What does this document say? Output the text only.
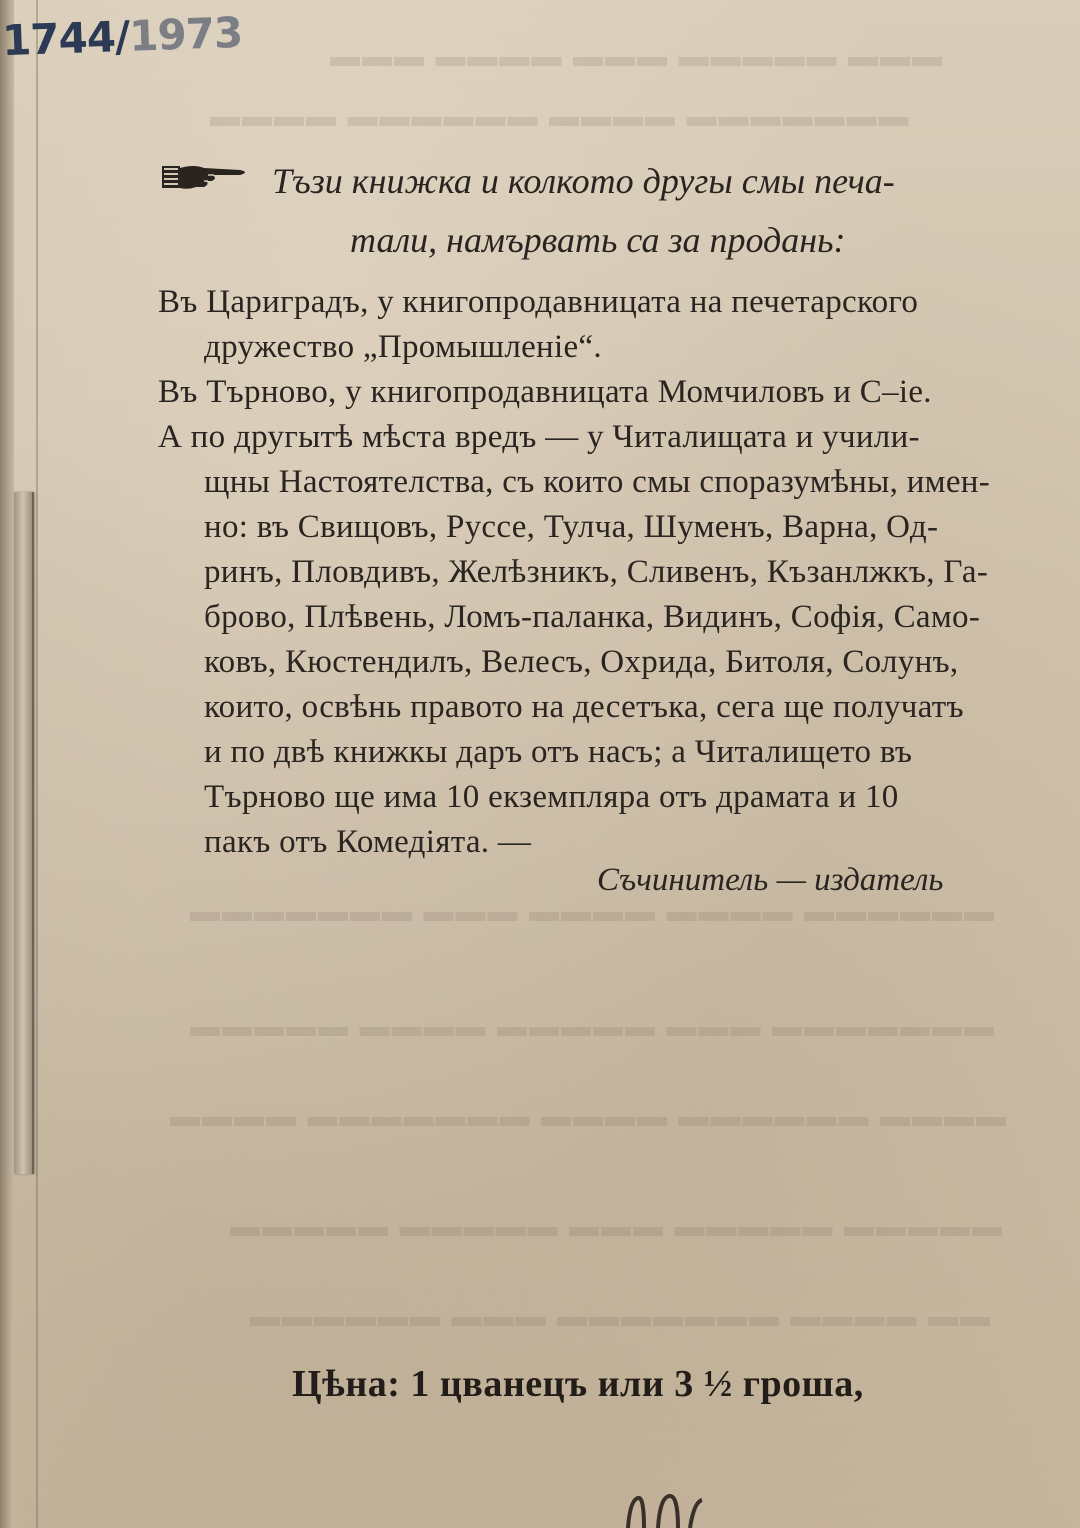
▬▬▬ ▬▬▬▬ ▬▬▬ ▬▬▬▬▬ ▬▬▬
▬▬▬▬ ▬▬▬▬▬▬ ▬▬▬▬ ▬▬▬▬▬▬▬
▬▬▬▬▬▬▬ ▬▬▬ ▬▬▬▬ ▬▬▬▬ ▬▬▬▬▬▬
▬▬▬▬▬ ▬▬▬▬ ▬▬▬▬▬ ▬▬▬ ▬▬▬▬▬▬▬
▬▬▬▬ ▬▬▬▬▬▬▬ ▬▬▬▬ ▬▬▬▬▬▬ ▬▬▬▬
▬▬▬▬▬ ▬▬▬▬▬ ▬▬▬ ▬▬▬▬▬ ▬▬▬▬▬
▬▬▬▬▬▬ ▬▬▬ ▬▬▬▬▬▬▬ ▬▬▬▬ ▬▬
1744/1973
Тъзи книжка и колкото другы смы печа-
тали, намървать са за продань:
Въ Цариградъ, у книгопродавницата на печетарского
дружество „Промышленіе“.
Въ Търново, у книгопродавницата Момчиловъ и С–іе.
А по другытѣ мѣста вредъ — у Читалищата и учили-
щны Настоятелства, съ които смы споразумѣны, имен-
но: въ Свищовъ, Руссе, Тулча, Шуменъ, Варна, Од-
ринъ, Пловдивъ, Желѣзникъ, Сливенъ, Къзанлжкъ, Га-
брово, Плѣвень, Ломъ-паланка, Видинъ, Софія, Само-
ковъ, Кюстендилъ, Велесъ, Охрида, Битоля, Солунъ,
които, освѣнь правото на десетъка, сега ще получатъ
и по двѣ книжкы даръ отъ насъ; а Читалището въ
Търново ще има 10 екземпляра отъ драмата и 10
пакъ отъ Комедіята. —
Съчинитель — издатель
Цѣна: 1 цванецъ или 3 ½ гроша,
